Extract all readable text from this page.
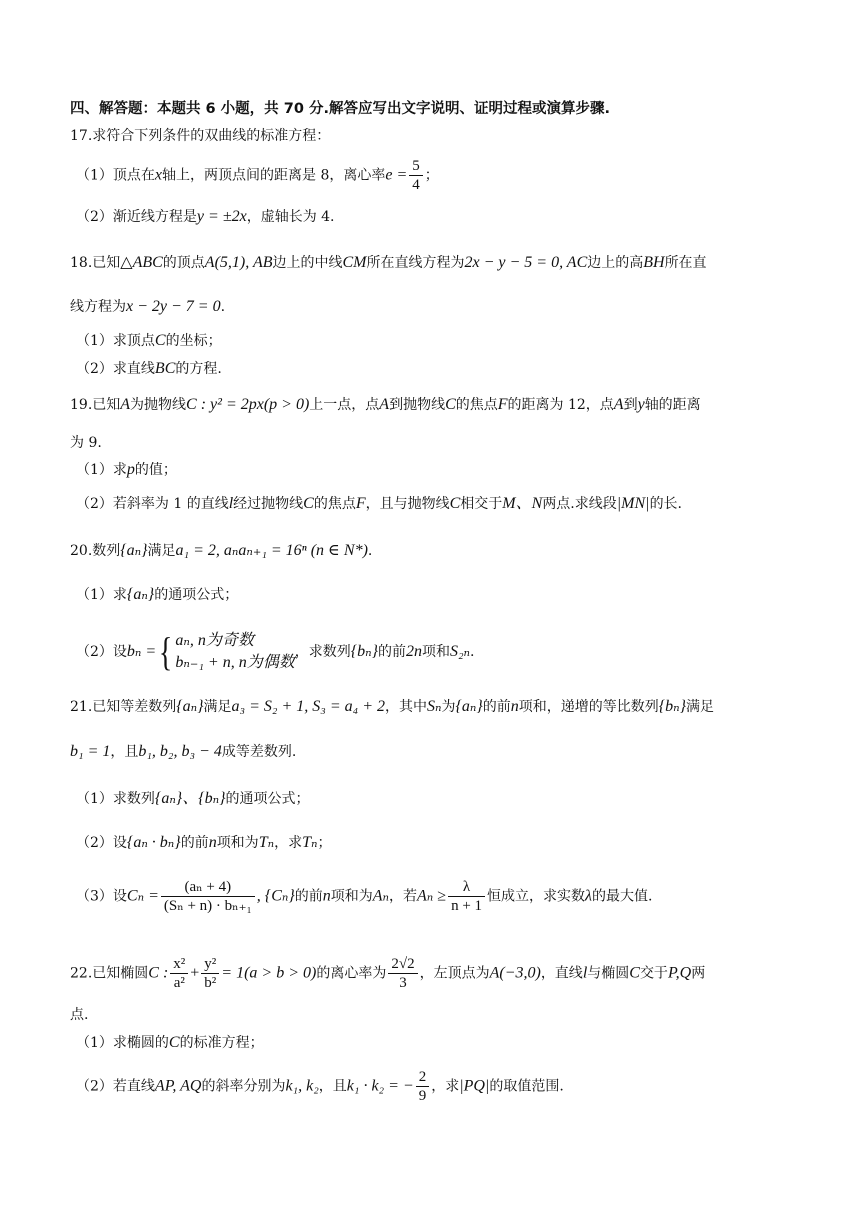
四、解答题：本题共 6 小题，共 70 分.解答应写出文字说明、证明过程或演算步骤.
17.求符合下列条件的双曲线的标准方程：
（1）顶点在x轴上，两顶点间的距离是 8，离心率$e = \frac{5}{4}$ ；
（2）渐近线方程是y = ±2x，虚轴长为 4.
18.已知△ABC的顶点A(5,1), AB边上的中线CM所在直线方程为2x − y − 5 = 0, AC边上的高BH所在直
线方程为x − 2y − 7 = 0.
（1）求顶点C的坐标；
（2）求直线BC的方程.
19.已知A为抛物线C : y² = 2px(p > 0)上一点，点A到抛物线C的焦点F的距离为 12，点A到y轴的距离
为 9.
（1）求p的值；
（2）若斜率为 1 的直线l经过抛物线C的焦点F，且与抛物线C相交于M、N两点.求线段|MN|的长.
20.数列{aₙ}满足a₁ = 2, aₙaₙ₊₁ = 16ⁿ (n ∈ N*).
（1）求{aₙ}的通项公式；
（2）设bₙ ={ aₙ, n为奇数
bₙ₋₁ + n, n为偶数
，求数列{bₙ}的前2n项和S₂ₙ.
21.已知等差数列{aₙ}满足a₃ = S₂ + 1, S₃ = a₄ + 2，其中Sₙ为{aₙ}的前n项和，递增的等比数列{bₙ}满足
b₁ = 1，且b₁, b₂, b₃ − 4成等差数列.
（1）求数列{aₙ}、{bₙ}的通项公式；
（2）设{aₙ · bₙ}的前n项和为Tₙ，求Tₙ；
（3）设$C_n = \frac{\text{(aₙ + 4)}}{\text{(Sₙ + n) · bₙ₊₁}}$ , {Cₙ}的前n项和为Aₙ，若$A_n \ge \frac{\lambda}{n + 1}$ 恒成立，求实数λ的最大值.
22.已知椭圆C : $\frac{\text{x²}}{\text{a²}} + \frac{\text{y²}}{\text{b²}} = 1(a > b > 0)$的离心率为 $\frac{2√2}{3}$ ，左顶点为A(−3,0)，直线l与椭圆C交于P,Q两
点.
（1）求椭圆的C的标准方程；
（2）若直线AP, AQ的斜率分别为k₁, k₂，且k₁ · k₂ = − $\frac{2}{9}$ ，求|PQ|的取值范围.
